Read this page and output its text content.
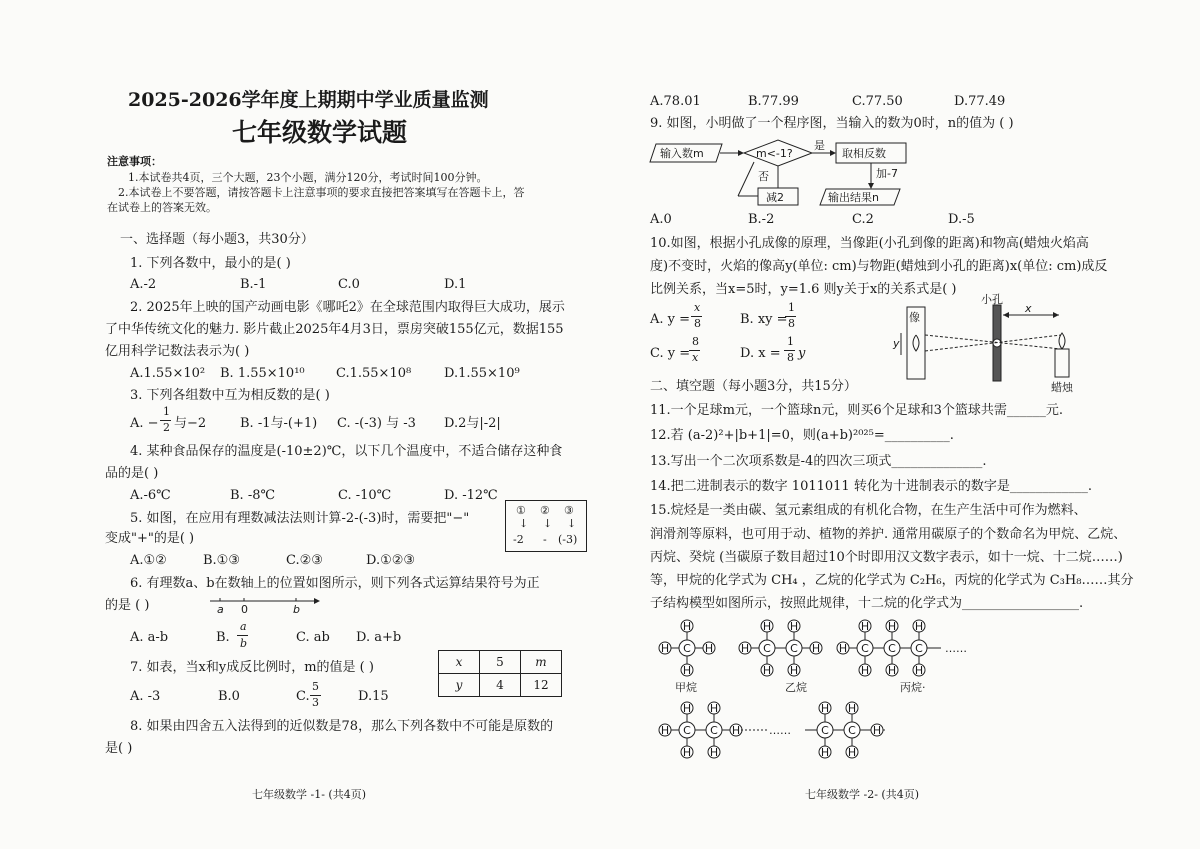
2025-2026学年度上期期中学业质量监测
七年级数学试题
注意事项：
1.本试卷共4页，三个大题，23个小题，满分120分，考试时间100分钟。
2.本试卷上不要答题，请按答题卡上注意事项的要求直接把答案填写在答题卡上，答
在试卷上的答案无效。
一、选择题（每小题3，共30分）
1. 下列各数中，最小的是( )
A.-2	B.-1	C.0	D.1
2. 2025年上映的国产动画电影《哪吒2》在全球范围内取得巨大成功，展示
了中华传统文化的魅力. 影片截止2025年4月3日，票房突破155亿元，数据155
亿用科学记数法表示为( )
A.1.55×10² B. 1.55×10¹⁰ C.1.55×10⁸	D.1.55×10⁹
3. 下列各组数中互为相反数的是( )
A. −
1
2 与−2	B. -1与-(+1) C. -(-3) 与 -3 D.2与|-2|
4. 某种食品保存的温度是(-10±2)℃，以下几个温度中，不适合储存这种食
品的是( )
A.-6℃	B. -8℃	C. -10℃	D. -12℃
5. 如图，在应用有理数减法法则计算-2-(-3)时，需要把"−"
变成"+"的是( )
① ② ③
↓ ↓ ↓
-2 - (-3)
A.①②	B.①③	C.②③	D.①②③
6. 有理数a、b在数轴上的位置如图所示，则下列各式运算结果符号为正
的是 ( )	a 0	b
A. a-b	B.
a
b	C. ab D. a+b
7. 如表，当x和y成反比例时，m的值是 ( )	x	5	m
y	4	12
A. -3	B.0	C.
5
3	D.15
8. 如果由四舍五入法得到的近似数是78，那么下列各数中不可能是原数的
是( )
七年级数学 -1- (共4页)
A.78.01	B.77.99	C.77.50	D.77.49
9. 如图，小明做了一个程序图，当输入的数为0时，n的值为 ( )
输入数m	m<-1?
是
取相反数
加-7
输出结果n
否
减2
A.0	B.-2	C.2	D.-5
10.如图，根据小孔成像的原理，当像距(小孔到像的距离)和物高(蜡烛火焰高
度)不变时，火焰的像高y(单位: cm)与物距(蜡烛到小孔的距离)x(单位: cm)成反
比例关系，当x=5时，y=1.6 则y关于x的关系式是( )
A. y =
x
8	B. xy =
1
8
C. y =
8
x	D. x =
1
8 y
像
y
小孔
x
蜡烛
二、填空题（每小题3分，共15分）
11.一个足球m元，一个篮球n元，则买6个足球和3个篮球共需______元.
12.若 (a-2)²+|b+1|=0，则(a+b)²⁰²⁵=__________.
13.写出一个二次项系数是-4的四次三项式______________.
14.把二进制表示的数字 1011011 转化为十进制表示的数字是____________.
15.烷烃是一类由碳、氢元素组成的有机化合物，在生产生活中可作为燃料、
润滑剂等原料，也可用于动、植物的养护. 通常用碳原子的个数命名为甲烷、乙烷、
丙烷、癸烷 (当碳原子数目超过10个时即用汉文数字表示，如十一烷、十二烷……)
等，甲烷的化学式为 CH₄ ，乙烷的化学式为 C₂H₆，丙烷的化学式为 C₃H₈……其分
子结构模型如图所示，按照此规律，十二烷的化学式为__________________.
H	H
H
H
C	H	H
H
H
C
H
H
C	H	……
H
H
C
H
H
C
H
H
C
H	H
H
H
C
H
H
C	……
H
H
C
H
H
C H
甲烷	乙烷	丙烷·
七年级数学 -2- (共4页)
